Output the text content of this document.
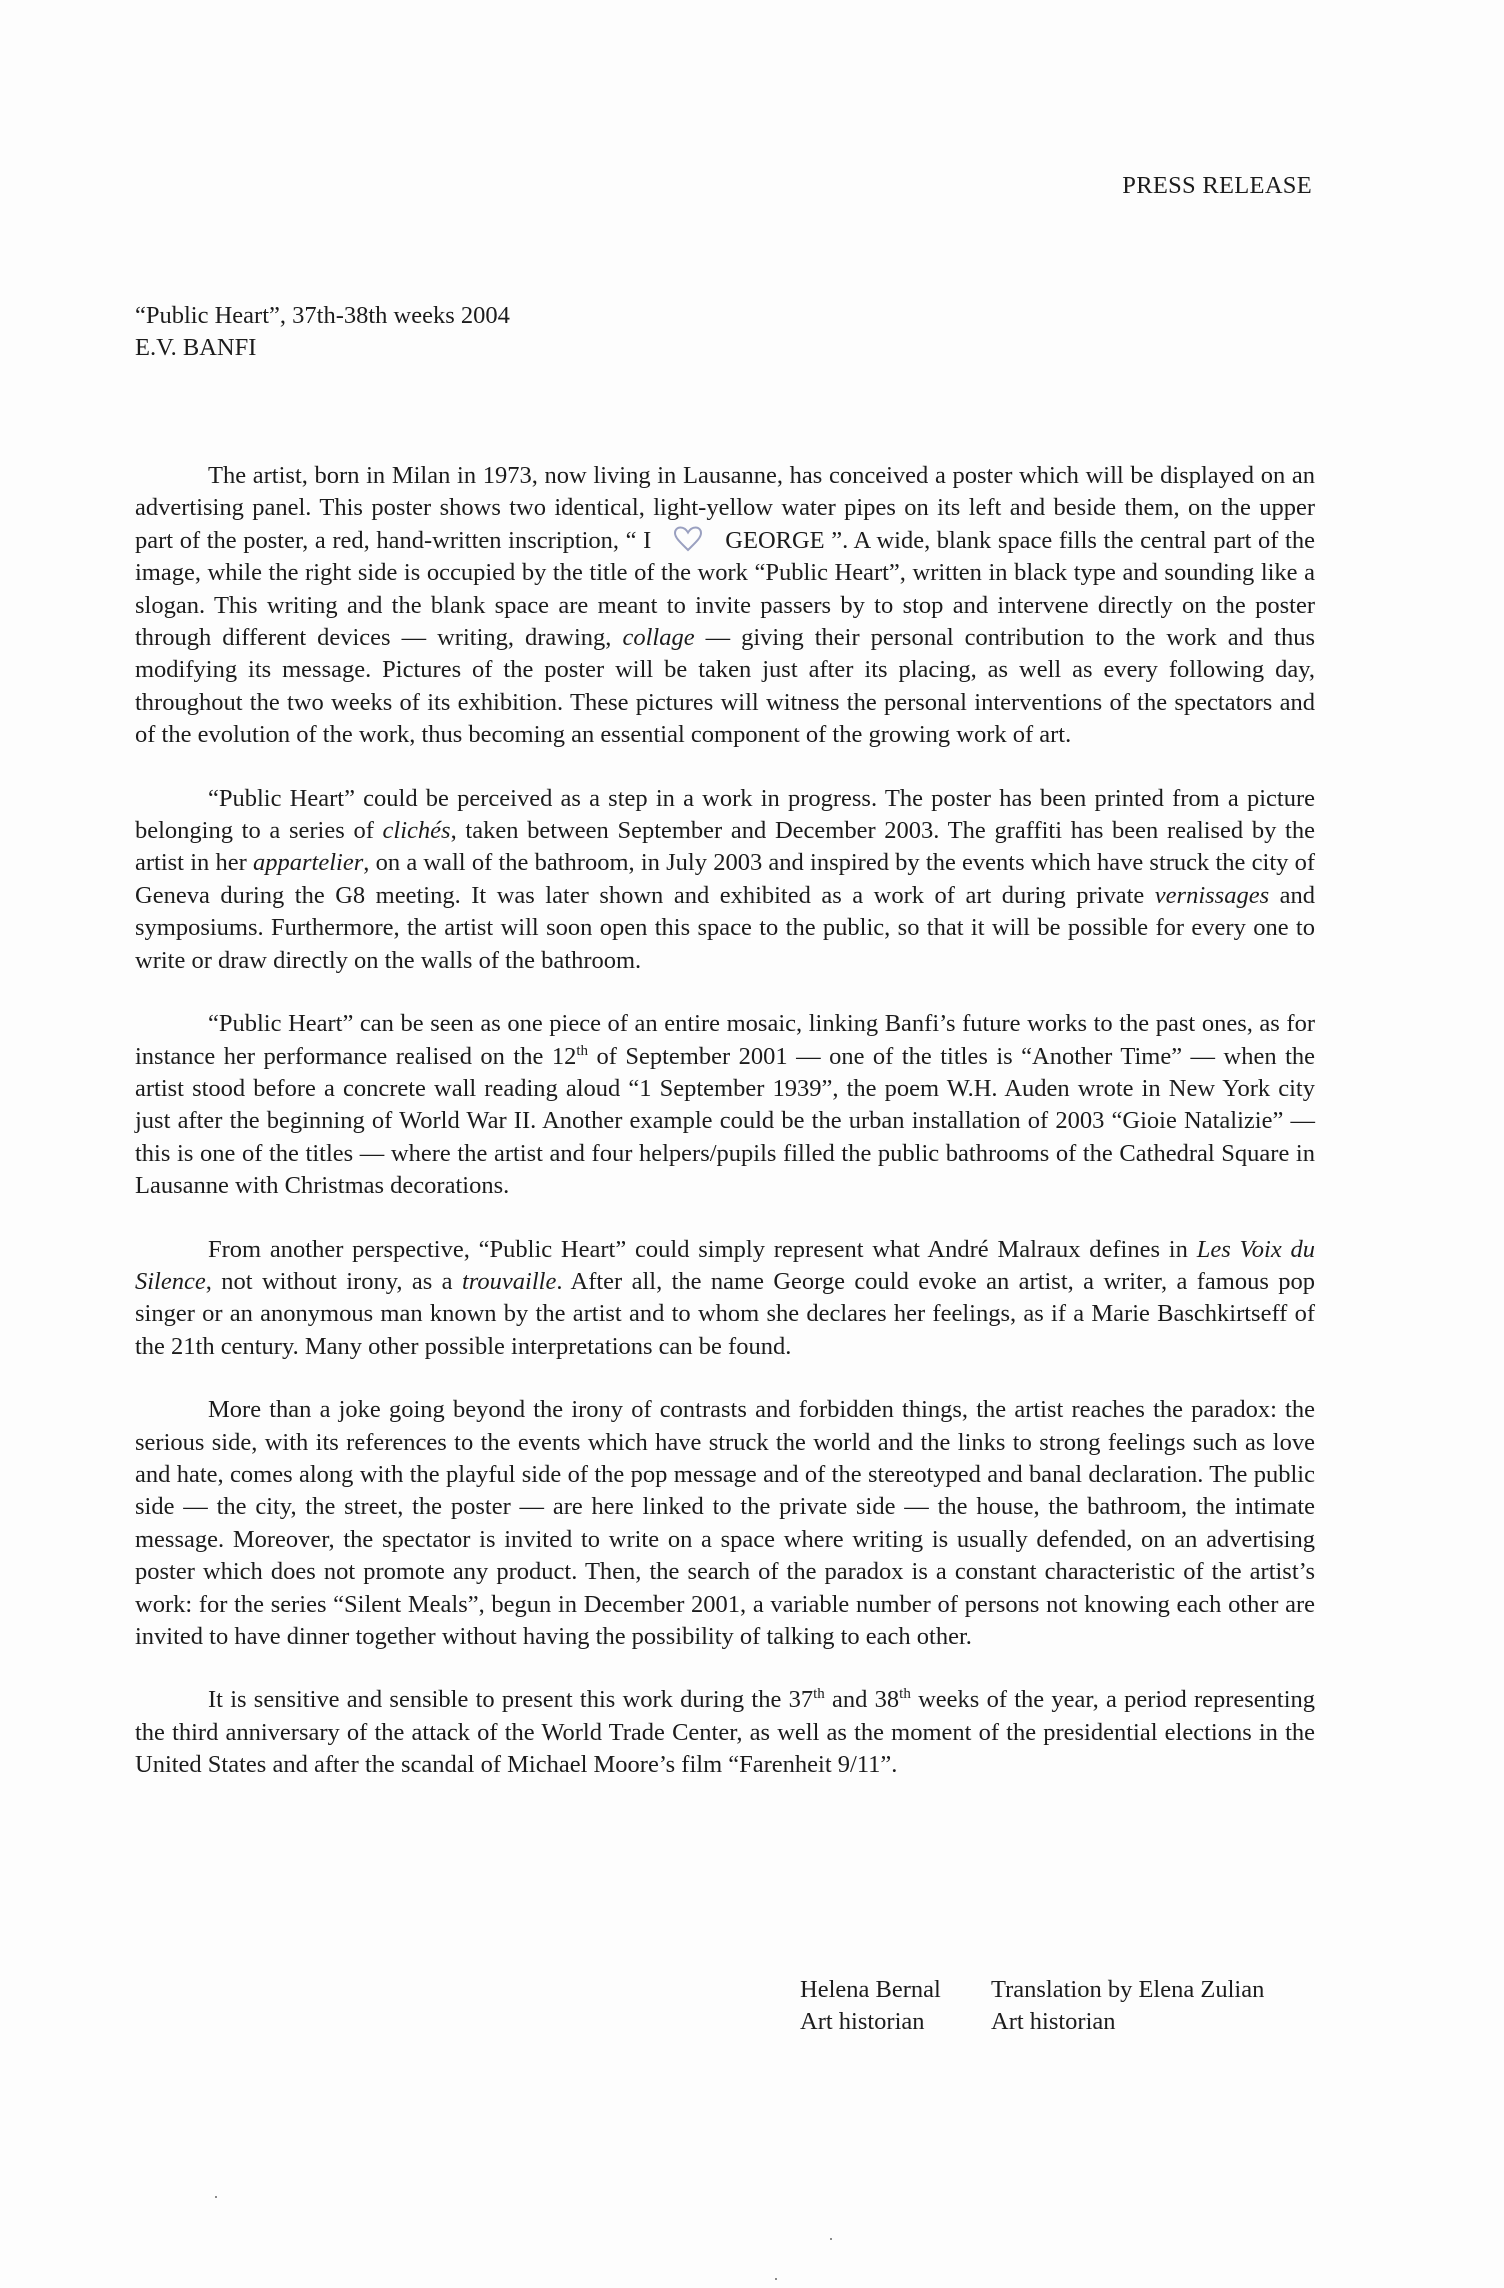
PRESS RELEASE
“Public Heart”, 37th-38th weeks 2004
E.V. BANFI

The artist, born in Milan in 1973, now living in Lausanne, has conceived a poster which will be displayed on an advertising panel. This poster shows two identical, light-yellow water pipes on its left and beside them, on the upper part of the poster, a red, hand-written inscription, “ I	GEORGE ”. A wide, blank space fills the central part of the image, while the right side is occupied by the title of the work “Public Heart”, written in black type and sounding like a slogan. This writing and the blank space are meant to invite passers by to stop and intervene directly on the poster through different devices — writing, drawing, collage — giving their personal contribution to the work and thus modifying its message. Pictures of the poster will be taken just after its placing, as well as every following day, throughout the two weeks of its exhibition. These pictures will witness the personal interventions of the spectators and of the evolution of the work, thus becoming an essential component of the growing work of art.

“Public Heart” could be perceived as a step in a work in progress. The poster has been printed from a picture belonging to a series of clichés, taken between September and December 2003. The graffiti has been realised by the artist in her appartelier, on a wall of the bathroom, in July 2003 and inspired by the events which have struck the city of Geneva during the G8 meeting. It was later shown and exhibited as a work of art during private vernissages and symposiums. Furthermore, the artist will soon open this space to the public, so that it will be possible for every one to write or draw directly on the walls of the bathroom.

“Public Heart” can be seen as one piece of an entire mosaic, linking Banfi’s future works to the past ones, as for instance her performance realised on the 12th of September 2001 — one of the titles is “Another Time” — when the artist stood before a concrete wall reading aloud “1 September 1939”, the poem W.H. Auden wrote in New York city just after the beginning of World War II. Another example could be the urban installation of 2003 “Gioie Natalizie” — this is one of the titles — where the artist and four helpers/pupils filled the public bathrooms of the Cathedral Square in Lausanne with Christmas decorations.

From another perspective, “Public Heart” could simply represent what André Malraux defines in Les Voix du Silence, not without irony, as a trouvaille. After all, the name George could evoke an artist, a writer, a famous pop singer or an anonymous man known by the artist and to whom she declares her feelings, as if a Marie Baschkirtseff of the 21th century. Many other possible interpretations can be found.

More than a joke going beyond the irony of contrasts and forbidden things, the artist reaches the paradox: the serious side, with its references to the events which have struck the world and the links to strong feelings such as love and hate, comes along with the playful side of the pop message and of the stereotyped and banal declaration. The public side — the city, the street, the poster — are here linked to the private side — the house, the bathroom, the intimate message. Moreover, the spectator is invited to write on a space where writing is usually defended, on an advertising poster which does not promote any product. Then, the search of the paradox is a constant characteristic of the artist’s work: for the series “Silent Meals”, begun in December 2001, a variable number of persons not knowing each other are invited to have dinner together without having the possibility of talking to each other.

It is sensitive and sensible to present this work during the 37th and 38th weeks of the year, a period representing the third anniversary of the attack of the World Trade Center, as well as the moment of the presidential elections in the United States and after the scandal of Michael Moore’s film “Farenheit 9/11”.

Helena Bernal
Art historian
Translation by Elena Zulian
Art historian
